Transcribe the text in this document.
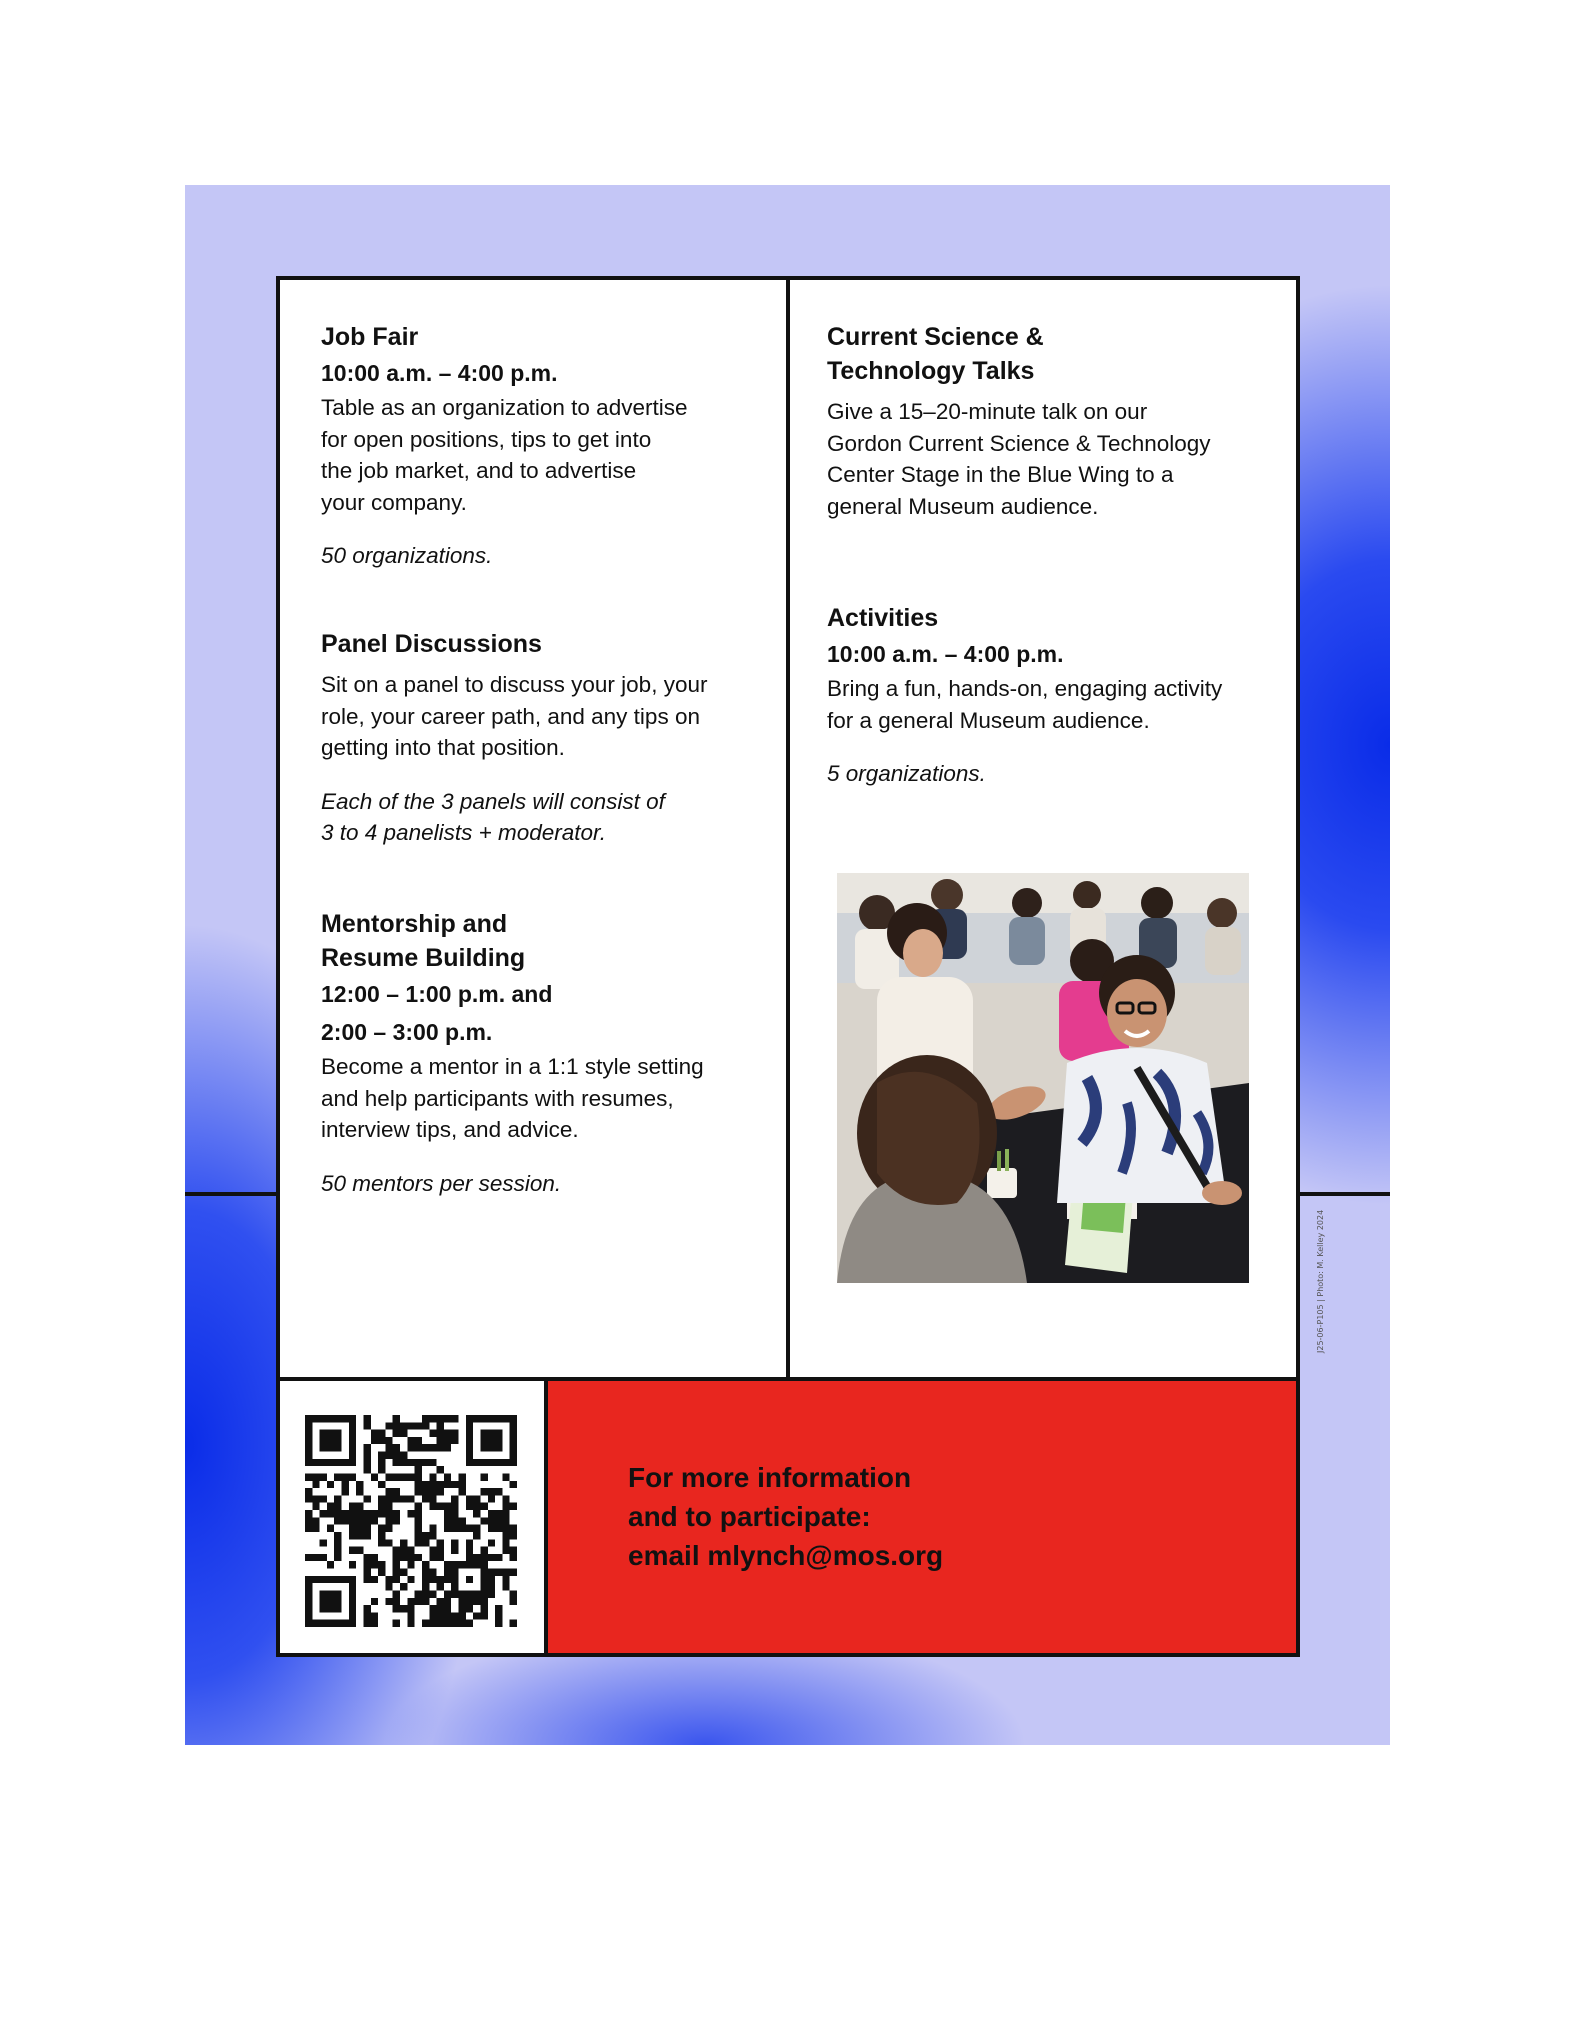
Job Fair

10:00 a.m. – 4:00 p.m.

Table as an organization to advertise

for open positions, tips to get into

the job market, and to advertise

your company.

50 organizations.

Panel Discussions

Sit on a panel to discuss your job, your

role, your career path, and any tips on

getting into that position.

Each of the 3 panels will consist of

3 to 4 panelists + moderator.

Mentorship and

Resume Building

12:00 – 1:00 p.m. and

2:00 – 3:00 p.m.

Become a mentor in a 1:1 style setting

and help participants with resumes,

interview tips, and advice.

50 mentors per session.

Current Science &

Technology Talks

Give a 15–20-minute talk on our

Gordon Current Science & Technology

Center Stage in the Blue Wing to a

general Museum audience.

Activities

10:00 a.m. – 4:00 p.m.

Bring a fun, hands-on, engaging activity

for a general Museum audience.

5 organizations.

For more information
and to participate:
email mlynch@mos.org
J25-06-P105 | Photo: M. Kelley 2024
